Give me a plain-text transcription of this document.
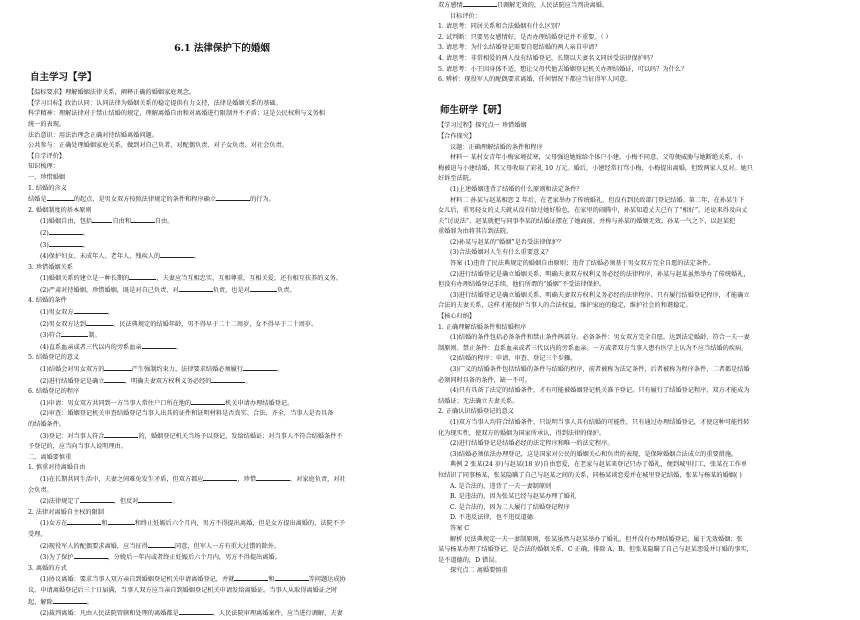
6.1 法律保护下的婚姻
自主学习【学】
【温标要求】理解婚姻法律关系，阐释正确的婚姻家庭观念。
【学习目标】政治认同：认同法律为婚姻关系的稳定提供有力支持，法律是婚姻关系的基础。
科学精神：理解法律对于禁止结婚的规定，理解离婚自由和对离婚进行限制并不矛盾；这是公民权利与义务相
统一的表现。
法治意识：用法治理念正确对待结婚离婚问题。
公共参与：正确处理婚姻家庭关系，做到对自己负者、对配偶负责、对子女负责、对社会负责。
【自学评价】
知识梳理：
一、珍惜婚姻
1. 结婚的含义
结婚是	的起点，是男女双方按照法律规定的条件和程序确立	的行为。
2. 婚姻制度的基本原则
(1)婚姻自由，包括	自由和	自由。
(2)	。
(3)	。
(4)保护妇女、未成年人、老年人、残疾人的	。
3. 珍惜婚姻关系
(1)婚姻关系的建立是一种长期的	，夫妻应当互相忠实，互相尊重，互相关爱，还有相互扶养的义务。
(2)严肃对待婚姻，珍惜婚姻，既是对自己负责、对	负责，也是对	负责。
4. 结婚的条件
(1)男女双方	。
(2)男女双方达到	。民法典规定的结婚年龄，男不得早于二十二周岁，女不得早于二十周岁。
(3)符合	制。
(4)直系血亲或者三代以内的旁系血亲	。
5. 结婚登记的意义
(1)结婚会对男女双方的	产生强制约束力，法律要求结婚必须履行	。
(2)进行结婚登记是确立	，明确夫妻双方权利义务必经的	。
6. 结婚登记的程序
(1)申请：男女双方共同到一方当事人常住户口所在地的	机关申请办理结婚登记。
(2)审查：婚姻登记机关审查结婚登记当事人出具的证件和证明材料是否真实、合法、齐全，当事人是否具备
的结婚条件。
(3)登记：对当事人符合	的，婚姻登记机关当场予以登记，发给结婚证；对当事人不符合结婚条件不
予登记的，应当向当事人说明理由。
二、离婚要慎重
1. 慎重对待离婚自由
(1)在长期共同生活中，夫妻之间难免发生矛盾，但双方都应	，珍惜	，对家庭负责，对社
会负责。
(2)法律规定了	，但反对	。
2. 法律对离婚自主权的限制
(1)女方在	和	和终止妊娠后六个月内，男方不得提出离婚，但是女方提出离婚的，法院不予
受理。
(2)现役军人的配偶要求离婚，应当征得	同意，但军人一方有重大过错的除外。
(3)为了保护	，分娩后一年内或者终止妊娠后六个月内，男方不得提出离婚。
3. 离婚的方式
(1)协议离婚：要求当事人双方亲自到婚姻登记机关申请离婚登记，并就	和	等问题达成协
议。申请离婚登记后三十日届满，当事人双方应当亲自到婚姻登记机关申请发给离婚证。当事人从取得离婚证之时
起，解除	。
(2)裁判离婚：凡由人民法院管辖和处理的离婚都是	。人民法院审理离婚案件，应当进行调解，夫妻
双方感情	且调解无效的，人民法院应当判决离婚。
目标评价：
1. 请思考：同居关系和合法婚姻有什么区别？
2. 试判断：只要男女感情好，是否办理结婚登记并不重要。（ ）
3. 请思考：为什么结婚登记需要自愿结婚的两人亲自申请？
4. 请思考：非常相爱的两人没有结婚登记，长期以夫妻名义同居受法律保护吗？
5. 请思考：小王因身体不适，想让父母代他去婚姻登记机关办理结婚证，可以吗？为什么？
6. 辨析：现役军人的配偶要求离婚，任何情况下都应当征得军人同意。
师生研学【研】
【学习过程】探究点一 珍惜婚姻
【合作探究】
议题：正确理解结婚的条件和程序
材料一 某村女青年小梅家境贫寒，父母强迫她嫁给个体户小建，小梅不同意，父母便威胁与她断绝关系，小
梅被迫与小建结婚，其父母收取了彩礼 10 万元。婚后，小建经常打骂小梅，小梅提出离婚，但致两家人反对。她只
好诉至法院。
(1)上述婚姻违背了结婚的什么原则和法定条件？
材料二 孙某与赵某相恋 2 年后，在老家举办了传统婚礼，但没有到民政部门登记结婚。第二年，在孙某生下
女儿后，重男轻女的丈夫就从没有给过她好脸色，在家里的闹腾中，孙某知道丈夫已有了“相好”，还说来得及向丈
夫“讨说法”，赵某就把与同事李某的结婚证摆在了她面前，并称与孙某的婚姻无效。孙某一气之下，以赵某犯
重婚罪为由将其告到法院。
(2)孙某与赵某的“婚姻”是否受法律保护？
(3)合法婚姻对人生有什么重要意义？
答案 (1)违背了民法典规定的婚姻自由原则；违背了结婚必须基于男女双方完全自愿的法定条件。
(2)进行结婚登记是确立婚姻关系、明确夫妻双方权利义务必经的法律程序，孙某与赵某虽然举办了传统婚礼，
但没有办理结婚登记手续，他们所谓的“婚姻”不受法律保护。
(3)进行结婚登记是确立婚姻关系、明确夫妻双方权利义务必经的法律程序。只有履行结婚登记程序，才能确立
合法的夫妻关系，这样才能保护当事人的合法权益，维护家庭的稳定，维护社会的和谐稳定。
【核心归纳】
1. 正确理解结婚条件和结婚程序
(1)结婚的条件包括必备条件和禁止条件两部分。必备条件：男女双方完全自愿，达到法定婚龄，符合一夫一妻
制原则。禁止条件：直系血亲或者三代以内的旁系血亲。一方或者双方当事人患有医学上认为不应当结婚的疾病。
(2)结婚的程序：申请、审查、登记三个步骤。
(3)广义的结婚条件包括结婚的条件与结婚的程序，前者被称为法定条件，后者被称为程序条件，二者都是结婚
必须同时具备的条件，缺一不可。
(4)只有具备了法定的结婚条件，才有可能被婚姻登记机关准予登记。只有履行了结婚登记程序，双方才能成为
结婚证；无法确立夫妻关系。
2. 正确认识结婚登记的意义
(1)双方当事人均符合结婚条件，只说明当事人具有结婚的可能性，只有通过办理结婚登记，才使这种可能性转
化为现实性，使双方的婚姻为国家所承认，得到法律的保护。
(2)进行结婚登记是结婚必经的法定程序和唯一的法定程序。
(3)结婚必须依法办理登记，这是国家对公民的婚姻关心和负责的表现，是保障婚姻合法成立的重要措施。
典例 2 张某(24 岁)与赵某(18 岁)自由恋爱，在老家与赵某来登记只办了婚礼，便到城里打工，张某在工作单
位结识了同事杨某，张某隐瞒了自己与赵某之间的关系，同杨某谈恋爱并在城里登记结婚，张某与杨某的婚姻( )
A. 是合法的，违背了一夫一妻制原则
B. 是违法的，因为张某已经与赵某办理了婚礼
C. 是合法的，因为二人履行了结婚登记程序
D. 不违反法律，也不违反道德
答案 C
解析 民法典规定一夫一妻制原则，张某虽然与赵某举办了婚礼，但并没有办理结婚登记，属于无效婚姻；张
某与杨某办理了结婚登记，是合法的婚姻关系，C 正确，排除 A、B。但张某隐瞒了自己与赵某恋爱并订婚的事实，
是不道德的，D 错误。
探究点二 离婚要慎重
